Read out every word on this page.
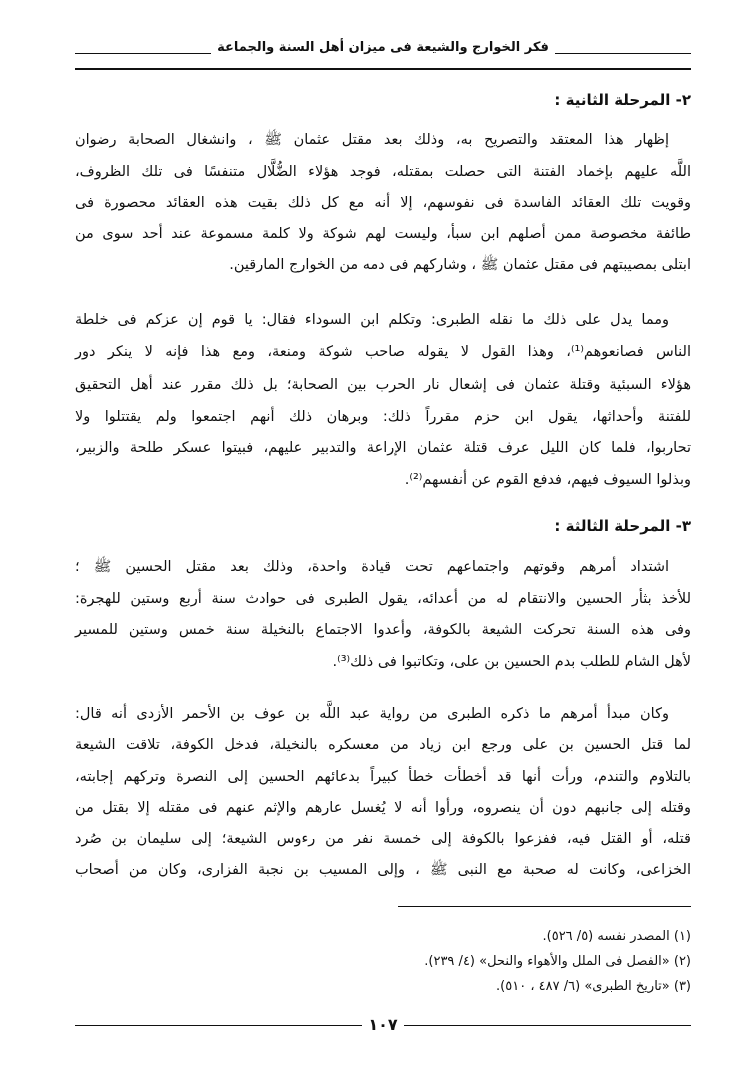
فكر الخوارج والشيعة فى ميزان أهل السنة والجماعة
٢- المرحلة الثانية :
إظهار هذا المعتقد والتصريح به، وذلك بعد مقتل عثمان ﷺ ، وانشغال الصحابة رضوان
اللَّه عليهم بإخماد الفتنة التى حصلت بمقتله، فوجد هؤلاء الضُّلَّال متنفسًا فى تلك الظروف،
وقويت تلك العقائد الفاسدة فى نفوسهم، إلا أنه مع كل ذلك بقيت هذه العقائد محصورة فى
طائفة مخصوصة ممن أصلهم ابن سبأ، وليست لهم شوكة ولا كلمة مسموعة عند أحد سوى من
ابتلى بمصيبتهم فى مقتل عثمان ﷺ ، وشاركهم فى دمه من الخوارج المارقين.
ومما يدل على ذلك ما نقله الطبرى: وتكلم ابن السوداء فقال: يا قوم إن عزكم فى خلطة
الناس فصانعوهم⁽¹⁾، وهذا القول لا يقوله صاحب شوكة ومنعة، ومع هذا فإنه لا ينكر دور
هؤلاء السبئية وقتلة عثمان فى إشعال نار الحرب بين الصحابة؛ بل ذلك مقرر عند أهل التحقيق
للفتنة وأحداثها، يقول ابن حزم مقرراً ذلك: وبرهان ذلك أنهم اجتمعوا ولم يقتتلوا ولا
تحاربوا، فلما كان الليل عرف قتلة عثمان الإراعة والتدبير عليهم، فبيتوا عسكر طلحة والزبير،
وبذلوا السيوف فيهم، فدفع القوم عن أنفسهم⁽²⁾.
٣- المرحلة الثالثة :
اشتداد أمرهم وقوتهم واجتماعهم تحت قيادة واحدة، وذلك بعد مقتل الحسين ﷺ ؛
للأخذ بثأر الحسين والانتقام له من أعدائه، يقول الطبرى فى حوادث سنة أربع وستين للهجرة:
وفى هذه السنة تحركت الشيعة بالكوفة، وأعدوا الاجتماع بالنخيلة سنة خمس وستين للمسير
لأهل الشام للطلب بدم الحسين بن على، وتكاتبوا فى ذلك⁽³⁾.
وكان مبدأ أمرهم ما ذكره الطبرى من رواية عبد اللَّه بن عوف بن الأحمر الأزدى أنه قال:
لما قتل الحسين بن على ورجع ابن زياد من معسكره بالنخيلة، فدخل الكوفة، تلاقت الشيعة
بالتلاوم والتندم، ورأت أنها قد أخطأت خطأ كبيراً بدعائهم الحسين إلى النصرة وتركهم إجابته،
وقتله إلى جانبهم دون أن ينصروه، ورأوا أنه لا يُغسل عارهم والإثم عنهم فى مقتله إلا بقتل من
قتله، أو القتل فيه، ففزعوا بالكوفة إلى خمسة نفر من رءوس الشيعة؛ إلى سليمان بن صُرد
الخزاعى، وكانت له صحبة مع النبى ﷺ ، وإلى المسيب بن نجبة الفزارى، وكان من أصحاب
(١) المصدر نفسه (٥/ ٥٢٦).
(٢) «الفصل فى الملل والأهواء والنحل» (٤/ ٢٣٩).
(٣) «تاريخ الطبرى» (٦/ ٤٨٧ ، ٥١٠).
١٠٧
